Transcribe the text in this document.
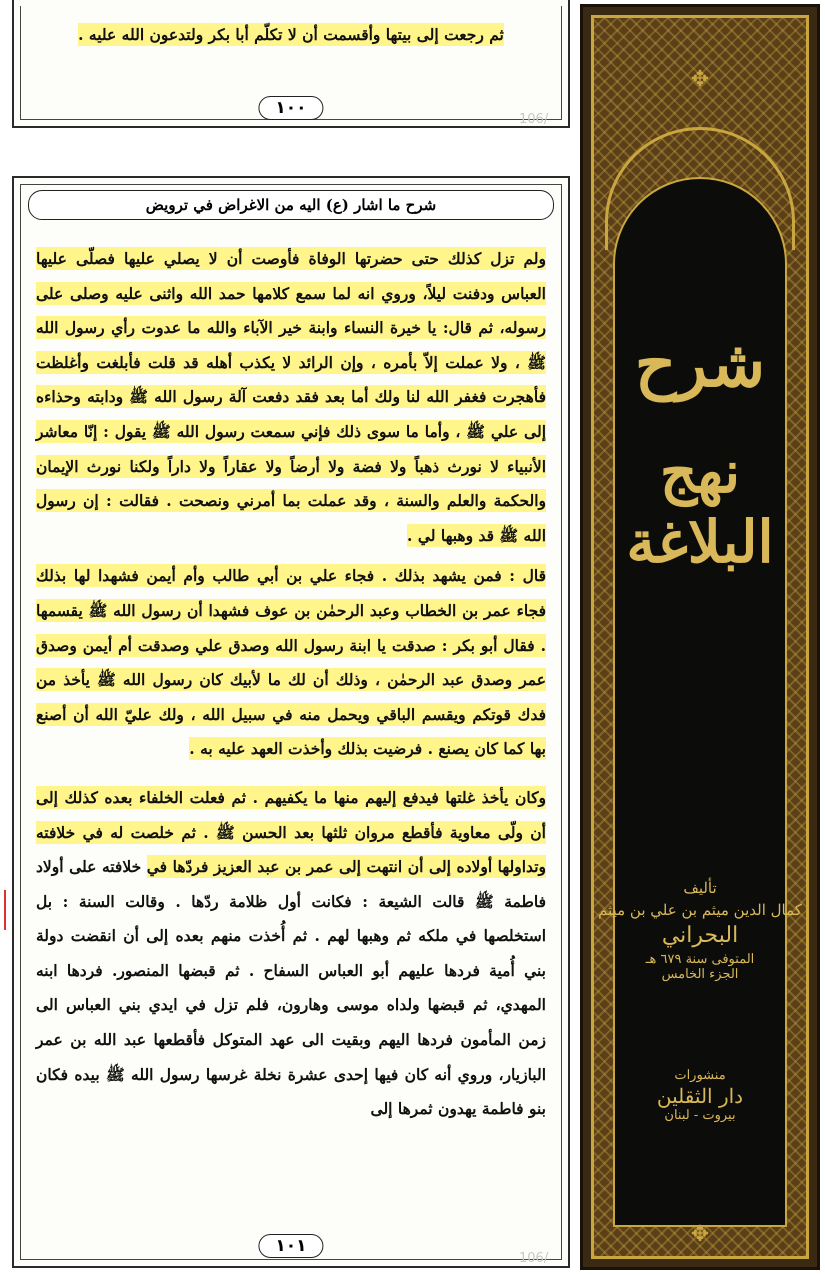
ثم رجعت إلى بيتها وأقسمت أن لا تكلّم أبا بكر ولتدعون الله عليه .
١٠٠
106/
شرح ما اشار (ع) اليه من الاغراض في ترويض

ولم تزل كذلك حتى حضرتها الوفاة فأوصت أن لا يصلي عليها فصلّى عليها العباس ودفنت ليلاً، وروي انه لما سمع كلامها حمد الله واثنى عليه وصلى على رسوله، ثم قال: يا خيرة النساء وابنة خير الآباء والله ما عدوت رأي رسول الله ﷺ ، ولا عملت إلاّ بأمره ، وإن الرائد لا يكذب أهله قد قلت فأبلغت وأغلظت فأهجرت فغفر الله لنا ولك أما بعد فقد دفعت آلة رسول الله ﷺ ودابته وحذاءه إلى علي ﷺ ، وأما ما سوى ذلك فإني سمعت رسول الله ﷺ يقول : إنّا معاشر الأنبياء لا نورث ذهباً ولا فضة ولا أرضاً ولا عقاراً ولا داراً ولكنا نورث الإيمان والحكمة والعلم والسنة ، وقد عملت بما أمرني ونصحت . فقالت : إن رسول الله ﷺ قد وهبها لي .

قال : فمن يشهد بذلك . فجاء علي بن أبي طالب وأم أيمن فشهدا لها بذلك فجاء عمر بن الخطاب وعبد الرحمٰن بن عوف فشهدا أن رسول الله ﷺ يقسمها . فقال أبو بكر : صدقت يا ابنة رسول الله وصدق علي وصدقت أم أيمن وصدق عمر وصدق عبد الرحمٰن ، وذلك أن لك ما لأبيك كان رسول الله ﷺ يأخذ من فدك قوتكم ويقسم الباقي ويحمل منه في سبيل الله ، ولك عليّ الله أن أصنع بها كما كان يصنع . فرضيت بذلك وأخذت العهد عليه به .

وكان يأخذ غلتها فيدفع إليهم منها ما يكفيهم . ثم فعلت الخلفاء بعده كذلك إلى أن ولّى معاوية فأقطع مروان ثلثها بعد الحسن ﷺ . ثم خلصت له في خلافته وتداولها أولاده إلى أن انتهت إلى عمر بن عبد العزيز فردّها في خلافته على أولاد فاطمة ﷺ قالت الشيعة : فكانت أول ظلامة ردّها . وقالت السنة : بل استخلصها في ملكه ثم وهبها لهم . ثم أُخذت منهم بعده إلى أن انقضت دولة بني أُمية فردها عليهم أبو العباس السفاح . ثم قبضها المنصور. فردها ابنه المهدي، ثم قبضها ولداه موسى وهارون، فلم تزل في ايدي بني العباس الى زمن المأمون فردها اليهم وبقيت الى عهد المتوكل فأقطعها عبد الله بن عمر البازيار، وروي أنه كان فيها إحدى عشرة نخلة غرسها رسول الله ﷺ بيده فكان بنو فاطمة يهدون ثمرها إلى

١٠١
106/
✥
✥
شرح
نهج البلاغة
تأليف
كمال الدين ميثم بن علي بن ميثم
البحراني
المتوفى سنة ٦٧٩ هـ
الجزء الخامس
منشورات
دار الثقلين
بيروت - لبنان
